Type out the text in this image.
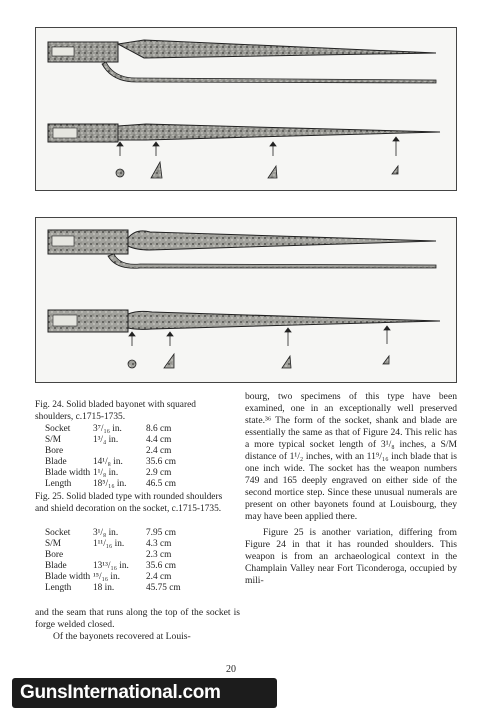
Fig. 24. Solid bladed bayonet with squared shoulders, c.1715-1735.
Socket	3⁷/₁₆ in.	8.6 cm
S/M	1³/₄ in.	4.4 cm
Bore		2.4 cm
Blade	14¹/₈ in.	35.6 cm
Blade width	1¹/₈ in.	2.9 cm
Length	18⁵/₁₆ in.	46.5 cm
Fig. 25. Solid bladed type with rounded shoulders and shield decoration on the socket, c.1715-1735.
Socket	3¹/₈ in.	7.95 cm
S/M	1¹¹/₁₆ in.	4.3 cm
Bore		2.3 cm
Blade	13¹³/₁₆ in.	35.6 cm
Blade width	¹⁵/₁₆ in.	2.4 cm
Length	18 in.	45.75 cm

and the seam that runs along the top of the socket is forge welded closed.

Of the bayonets recovered at Louis-

bourg, two specimens of this type have been examined, one in an exceptionally well preserved state.³⁶ The form of the socket, shank and blade are essentially the same as that of Figure 24. This relic has a more typical socket length of 3¹/₈ inches, a S/M distance of 1¹/₂ inches, with an 11⁹/₁₆ inch blade that is one inch wide. The socket has the weapon numbers 749 and 165 deeply engraved on either side of the second mortice step. Since these unusual numerals are present on other bayonets found at Louisbourg, they may have been applied there.

Figure 25 is another variation, differing from Figure 24 in that it has rounded shoulders. This weapon is from an archaeological context in the Champlain Valley near Fort Ticonderoga, occupied by mili-

20
GunsInternational.com
